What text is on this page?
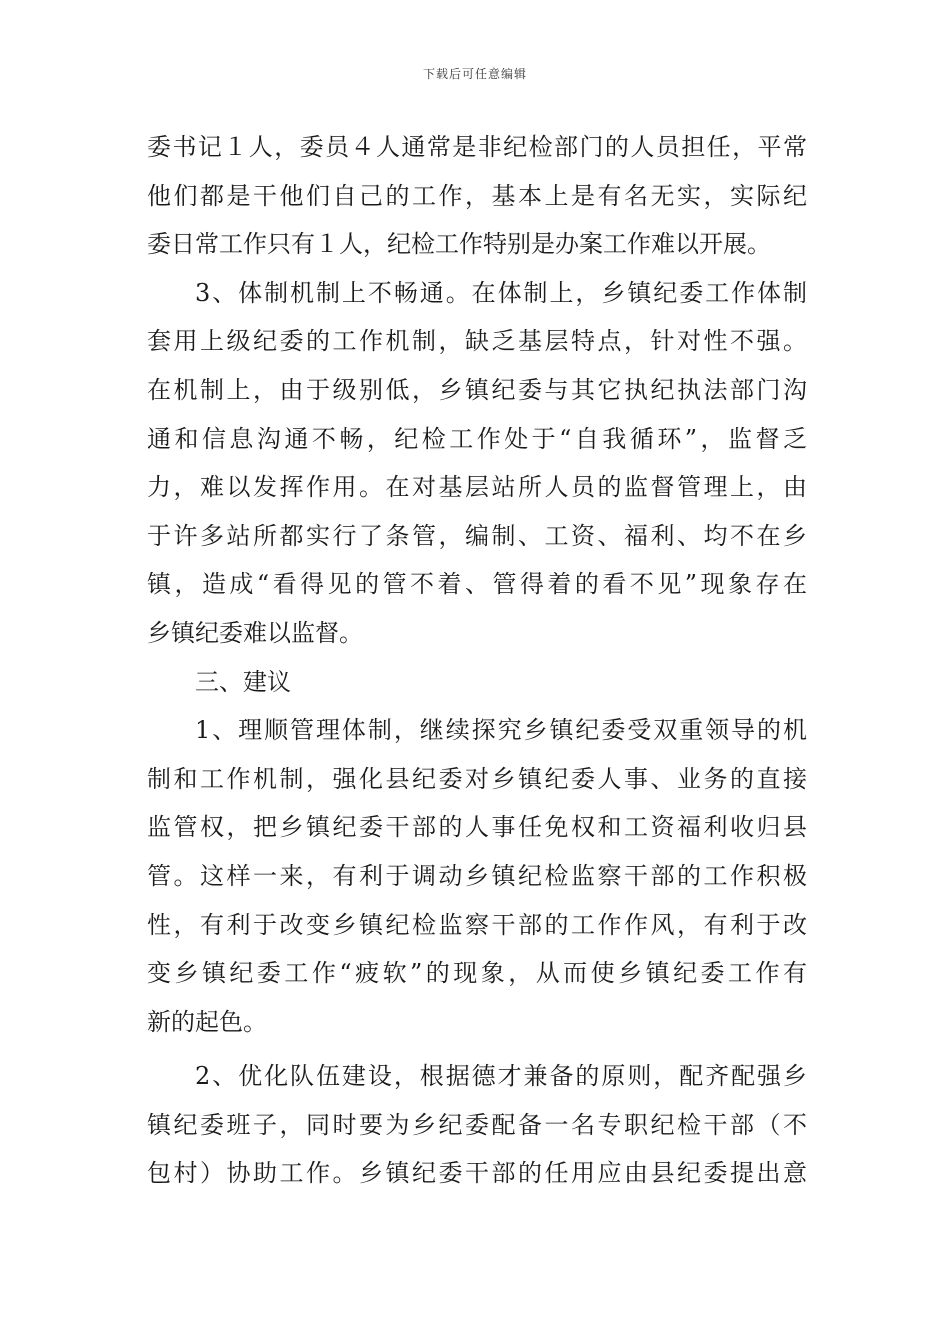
下载后可任意编辑
委书记１人，委员４人通常是非纪检部门的人员担任，平常
他们都是干他们自己的工作，基本上是有名无实，实际纪
委日常工作只有１人，纪检工作特别是办案工作难以开展。
3、体制机制上不畅通。在体制上，乡镇纪委工作体制
套用上级纪委的工作机制，缺乏基层特点，针对性不强。
在机制上，由于级别低，乡镇纪委与其它执纪执法部门沟
通和信息沟通不畅，纪检工作处于“自我循环”，监督乏
力，难以发挥作用。在对基层站所人员的监督管理上，由
于许多站所都实行了条管，编制、工资、福利、均不在乡
镇，造成“看得见的管不着、管得着的看不见”现象存在
乡镇纪委难以监督。
三、建议
1、理顺管理体制，继续探究乡镇纪委受双重领导的机
制和工作机制，强化县纪委对乡镇纪委人事、业务的直接
监管权，把乡镇纪委干部的人事任免权和工资福利收归县
管。这样一来，有利于调动乡镇纪检监察干部的工作积极
性，有利于改变乡镇纪检监察干部的工作作风，有利于改
变乡镇纪委工作“疲软”的现象，从而使乡镇纪委工作有
新的起色。
2、优化队伍建设，根据德才兼备的原则，配齐配强乡
镇纪委班子，同时要为乡纪委配备一名专职纪检干部（不
包村）协助工作。乡镇纪委干部的任用应由县纪委提出意
